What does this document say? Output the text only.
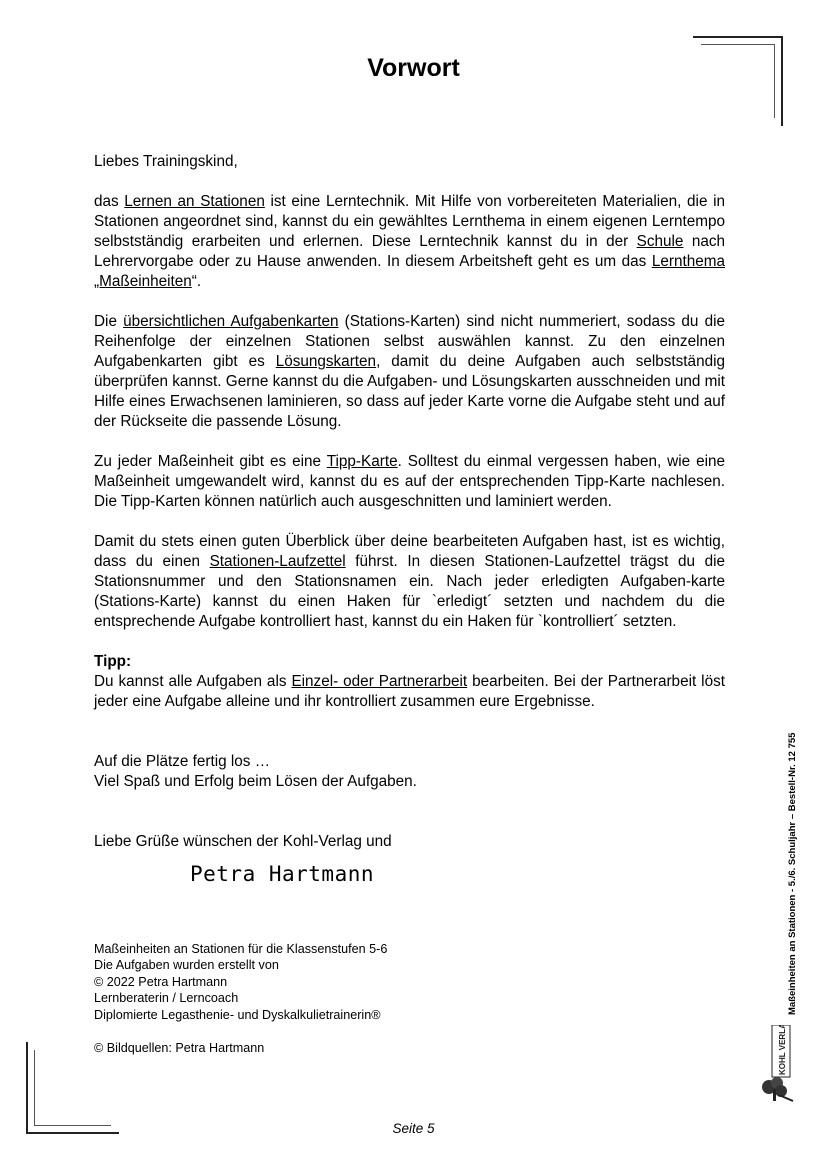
Vorwort

Liebes Trainingskind,

das Lernen an Stationen ist eine Lerntechnik. Mit Hilfe von vorbereiteten Materialien, die in Stationen angeordnet sind, kannst du ein gewähltes Lernthema in einem eigenen Lerntempo selbstständig erarbeiten und erlernen. Diese Lerntechnik kannst du in der Schule nach Lehrervorgabe oder zu Hause anwenden. In diesem Arbeitsheft geht es um das Lernthema „Maßeinheiten“.

Die übersichtlichen Aufgabenkarten (Stations-Karten) sind nicht nummeriert, sodass du die Reihenfolge der einzelnen Stationen selbst auswählen kannst. Zu den einzelnen Aufgabenkarten gibt es Lösungskarten, damit du deine Aufgaben auch selbstständig überprüfen kannst. Gerne kannst du die Aufgaben- und Lösungskarten ausschneiden und mit Hilfe eines Erwachsenen laminieren, so dass auf jeder Karte vorne die Aufgabe steht und auf der Rückseite die passende Lösung.

Zu jeder Maßeinheit gibt es eine Tipp-Karte. Solltest du einmal vergessen haben, wie eine Maßeinheit umgewandelt wird, kannst du es auf der entsprechenden Tipp-Karte nachlesen. Die Tipp-Karten können natürlich auch ausgeschnitten und laminiert werden.

Damit du stets einen guten Überblick über deine bearbeiteten Aufgaben hast, ist es wichtig, dass du einen Stationen-Laufzettel führst. In diesen Stationen-Laufzettel trägst du die Stationsnummer und den Stationsnamen ein. Nach jeder erledigten Aufgaben-karte (Stations-Karte) kannst du einen Haken für `erledigt´ setzten und nachdem du die entsprechende Aufgabe kontrolliert hast, kannst du ein Haken für `kontrolliert´ setzten.

Tipp:
Du kannst alle Aufgaben als Einzel- oder Partnerarbeit bearbeiten. Bei der Partnerarbeit löst jeder eine Aufgabe alleine und ihr kontrolliert zusammen eure Ergebnisse.

Auf die Plätze fertig los …
Viel Spaß und Erfolg beim Lösen der Aufgaben.

Liebe Grüße wünschen der Kohl-Verlag und

Petra Hartmann
Maßeinheiten an Stationen für die Klassenstufen 5-6
Die Aufgaben wurden erstellt von
© 2022 Petra Hartmann
Lernberaterin / Lerncoach
Diplomierte Legasthenie- und Dyskalkulietrainerin®
© Bildquellen: Petra Hartmann
Seite 5
Maßeinheiten an Stationen - 5./6. Schuljahr – Bestell-Nr. 12 755
KOHL VERLAG
